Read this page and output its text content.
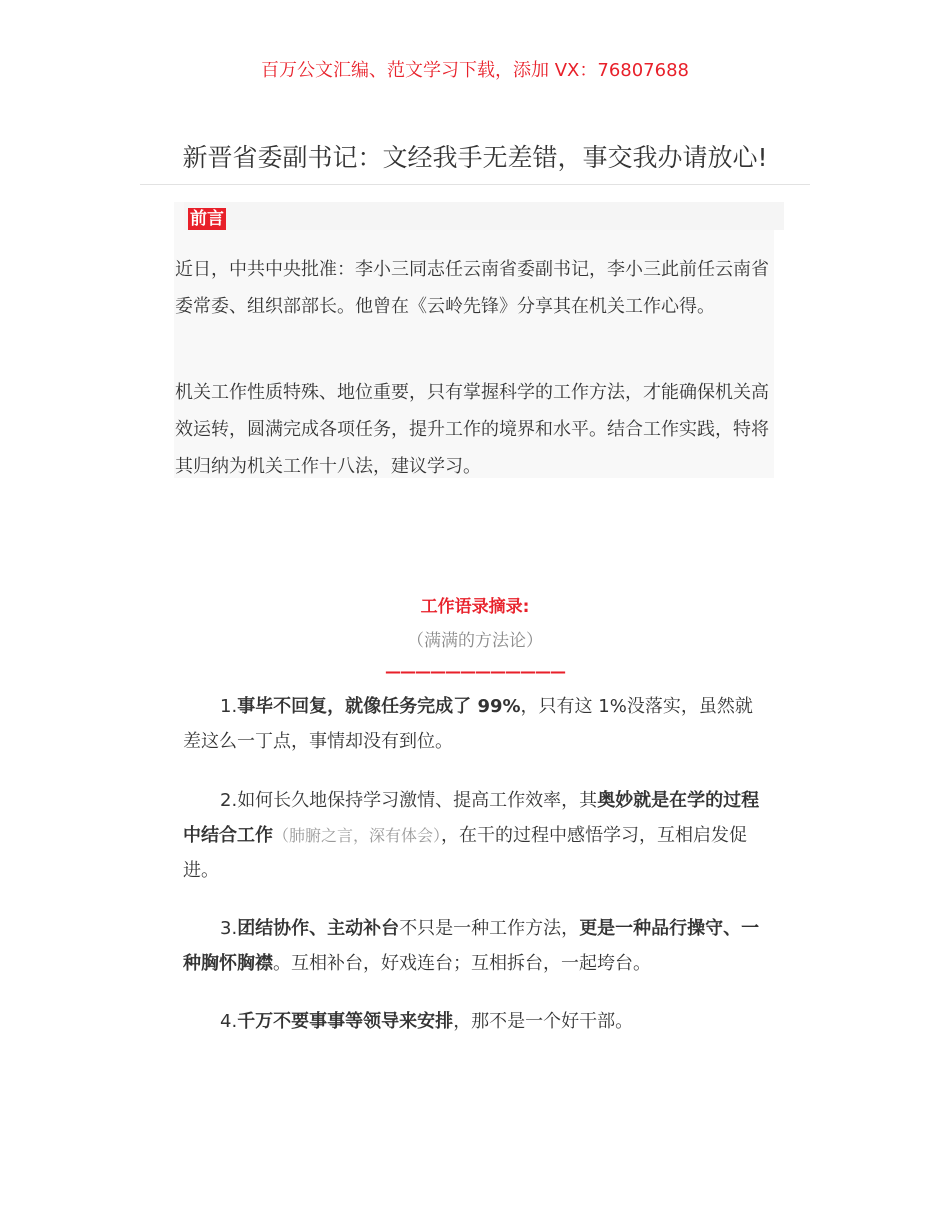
百万公文汇编、范文学习下载，添加 VX：76807688
新晋省委副书记：文经我手无差错，事交我办请放心!
前言

近日，中共中央批准：李小三同志任云南省委副书记，李小三此前任云南省委常委、组织部部长。他曾在《云岭先锋》分享其在机关工作心得。

机关工作性质特殊、地位重要，只有掌握科学的工作方法，才能确保机关高效运转，圆满完成各项任务，提升工作的境界和水平。结合工作实践，特将其归纳为机关工作十八法，建议学习。

工作语录摘录:
（满满的方法论）
————————————

1.事毕不回复，就像任务完成了 99%，只有这 1%没落实，虽然就差这么一丁点，事情却没有到位。

2.如何长久地保持学习激情、提高工作效率，其奥妙就是在学的过程中结合工作（肺腑之言，深有体会），在干的过程中感悟学习，互相启发促进。

3.团结协作、主动补台不只是一种工作方法，更是一种品行操守、一种胸怀胸襟。互相补台，好戏连台；互相拆台，一起垮台。

4.千万不要事事等领导来安排，那不是一个好干部。
